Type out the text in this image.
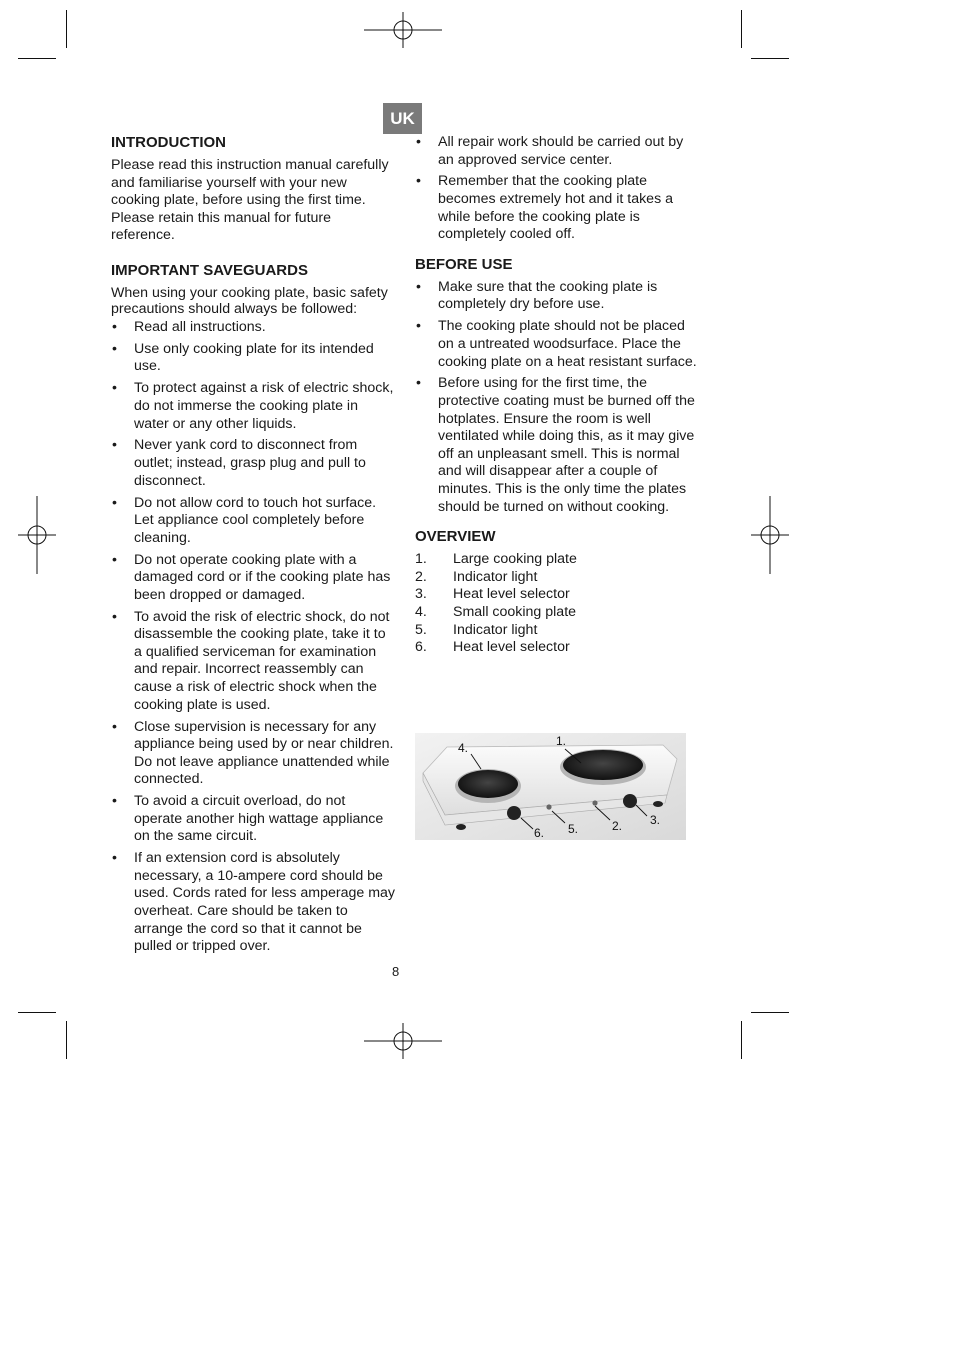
UK
INTRODUCTION

Please read this instruction manual carefully and familiarise yourself with your new cooking plate, before using the first time. Please retain this manual for future reference.

IMPORTANT SAVEGUARDS

When using your cooking plate, basic safety precautions should always be followed:

• Read all instructions.
• Use only cooking plate for its intended use.
• To protect against a risk of electric shock, do not immerse the cooking plate in water or any other liquids.
• Never yank cord to disconnect from outlet; instead, grasp plug and pull to disconnect.
• Do not allow cord to touch hot surface. Let appliance cool completely before cleaning.
• Do not operate cooking plate with a damaged cord or if the cooking plate has been dropped or damaged.
• To avoid the risk of electric shock, do not disassemble the cooking plate, take it to a qualified serviceman for examination and repair. Incorrect reassembly can cause a risk of electric shock when the cooking plate is used.
• Close supervision is necessary for any appliance being used by or near children. Do not leave appliance unattended while connected.
• To avoid a circuit overload, do not operate another high wattage appliance on the same circuit.
• If an extension cord is absolutely necessary, a 10-ampere cord should be used. Cords rated for less amperage may overheat. Care should be taken to arrange the cord so that it cannot be pulled or tripped over.
• All repair work should be carried out by an approved service center.
• Remember that the cooking plate becomes extremely hot and it takes a while before the cooking plate is completely cooled off.
BEFORE USE
• Make sure that the cooking plate is completely dry before use.
• The cooking plate should not be placed on a untreated woodsurface. Place the cooking plate on a heat resistant surface.
• Before using for the first time, the protective coating must be burned off the hotplates. Ensure the room is well ventilated while doing this, as it may give off an unpleasant smell. This is normal and will disappear after a couple of minutes. This is the only time the plates should be turned on without cooking.
OVERVIEW
1.	Large cooking plate
2.	Indicator light
3.	Heat level selector
4.	Small cooking plate
5.	Indicator light
6.	Heat level selector
4.	1.
6. 5.	2. 3.
8
